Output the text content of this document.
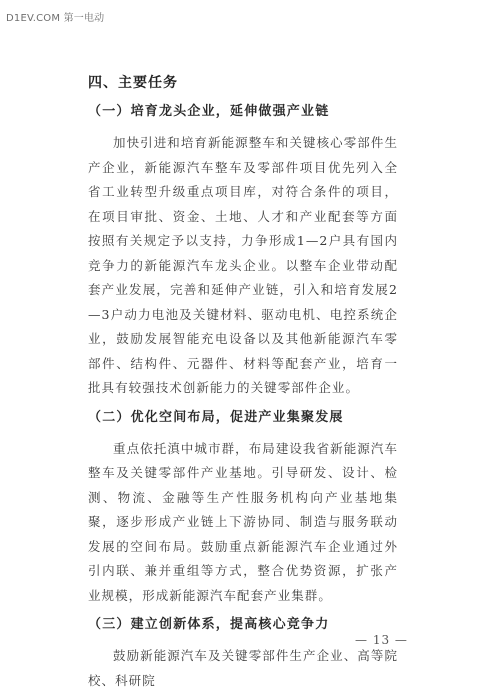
D1EV.COM 第一电动
四、主要任务
（一）培育龙头企业，延伸做强产业链
加快引进和培育新能源整车和关键核心零部件生产企业，新能源汽车整车及零部件项目优先列入全省工业转型升级重点项目库，对符合条件的项目，在项目审批、资金、土地、人才和产业配套等方面按照有关规定予以支持，力争形成1—2户具有国内竞争力的新能源汽车龙头企业。以整车企业带动配套产业发展，完善和延伸产业链，引入和培育发展2—3户动力电池及关键材料、驱动电机、电控系统企业，鼓励发展智能充电设备以及其他新能源汽车零部件、结构件、元器件、材料等配套产业，培育一批具有较强技术创新能力的关键零部件企业。
（二）优化空间布局，促进产业集聚发展
重点依托滇中城市群，布局建设我省新能源汽车整车及关键零部件产业基地。引导研发、设计、检测、物流、金融等生产性服务机构向产业基地集聚，逐步形成产业链上下游协同、制造与服务联动发展的空间布局。鼓励重点新能源汽车企业通过外引内联、兼并重组等方式，整合优势资源，扩张产业规模，形成新能源汽车配套产业集群。
（三）建立创新体系，提高核心竞争力
鼓励新能源汽车及关键零部件生产企业、高等院校、科研院
— 13 —
